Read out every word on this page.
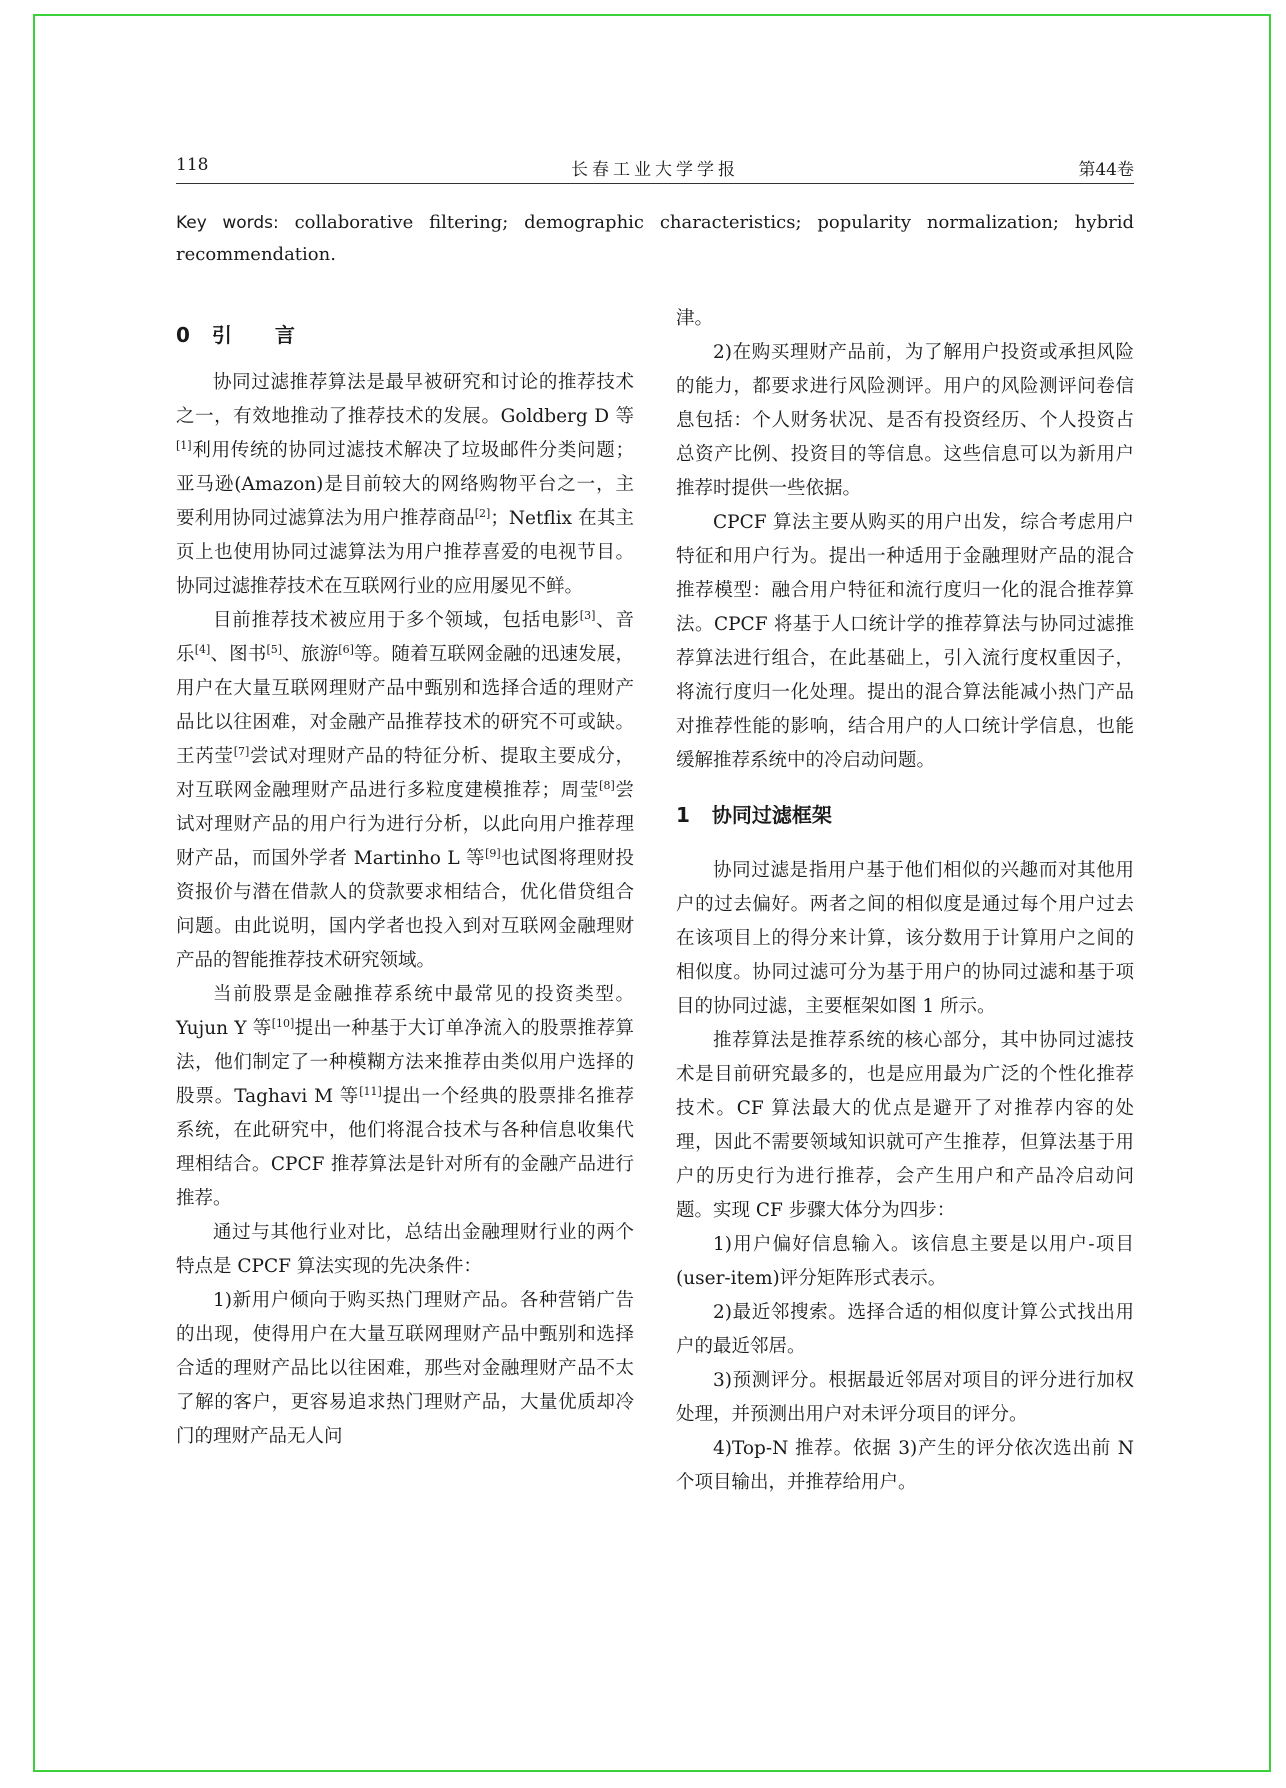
118	长春工业大学学报	第44卷
Key words: collaborative filtering; demographic characteristics; popularity normalization; hybrid
recommendation.
0 引 言

协同过滤推荐算法是最早被研究和讨论的推荐技术之一，有效地推动了推荐技术的发展。Goldberg D 等[1]利用传统的协同过滤技术解决了垃圾邮件分类问题；亚马逊(Amazon)是目前较大的网络购物平台之一，主要利用协同过滤算法为用户推荐商品[2]；Netflix 在其主页上也使用协同过滤算法为用户推荐喜爱的电视节目。协同过滤推荐技术在互联网行业的应用屡见不鲜。

目前推荐技术被应用于多个领域，包括电影[3]、音乐[4]、图书[5]、旅游[6]等。随着互联网金融的迅速发展，用户在大量互联网理财产品中甄别和选择合适的理财产品比以往困难，对金融产品推荐技术的研究不可或缺。王芮莹[7]尝试对理财产品的特征分析、提取主要成分，对互联网金融理财产品进行多粒度建模推荐；周莹[8]尝试对理财产品的用户行为进行分析，以此向用户推荐理财产品，而国外学者 Martinho L 等[9]也试图将理财投资报价与潜在借款人的贷款要求相结合，优化借贷组合问题。由此说明，国内学者也投入到对互联网金融理财产品的智能推荐技术研究领域。

当前股票是金融推荐系统中最常见的投资类型。Yujun Y 等[10]提出一种基于大订单净流入的股票推荐算法，他们制定了一种模糊方法来推荐由类似用户选择的股票。Taghavi M 等[11]提出一个经典的股票排名推荐系统，在此研究中，他们将混合技术与各种信息收集代理相结合。CPCF 推荐算法是针对所有的金融产品进行推荐。

通过与其他行业对比，总结出金融理财行业的两个特点是 CPCF 算法实现的先决条件：

1)新用户倾向于购买热门理财产品。各种营销广告的出现，使得用户在大量互联网理财产品中甄别和选择合适的理财产品比以往困难，那些对金融理财产品不太了解的客户，更容易追求热门理财产品，大量优质却冷门的理财产品无人问

津。

2)在购买理财产品前，为了解用户投资或承担风险的能力，都要求进行风险测评。用户的风险测评问卷信息包括：个人财务状况、是否有投资经历、个人投资占总资产比例、投资目的等信息。这些信息可以为新用户推荐时提供一些依据。

CPCF 算法主要从购买的用户出发，综合考虑用户特征和用户行为。提出一种适用于金融理财产品的混合推荐模型：融合用户特征和流行度归一化的混合推荐算法。CPCF 将基于人口统计学的推荐算法与协同过滤推荐算法进行组合，在此基础上，引入流行度权重因子，将流行度归一化处理。提出的混合算法能减小热门产品对推荐性能的影响，结合用户的人口统计学信息，也能缓解推荐系统中的冷启动问题。

1 协同过滤框架

协同过滤是指用户基于他们相似的兴趣而对其他用户的过去偏好。两者之间的相似度是通过每个用户过去在该项目上的得分来计算，该分数用于计算用户之间的相似度。协同过滤可分为基于用户的协同过滤和基于项目的协同过滤，主要框架如图 1 所示。

推荐算法是推荐系统的核心部分，其中协同过滤技术是目前研究最多的，也是应用最为广泛的个性化推荐技术。CF 算法最大的优点是避开了对推荐内容的处理，因此不需要领域知识就可产生推荐，但算法基于用户的历史行为进行推荐，会产生用户和产品冷启动问题。实现 CF 步骤大体分为四步：

1)用户偏好信息输入。该信息主要是以用户-项目(user-item)评分矩阵形式表示。

2)最近邻搜索。选择合适的相似度计算公式找出用户的最近邻居。

3)预测评分。根据最近邻居对项目的评分进行加权处理，并预测出用户对未评分项目的评分。

4)Top-N 推荐。依据 3)产生的评分依次选出前 N 个项目输出，并推荐给用户。
